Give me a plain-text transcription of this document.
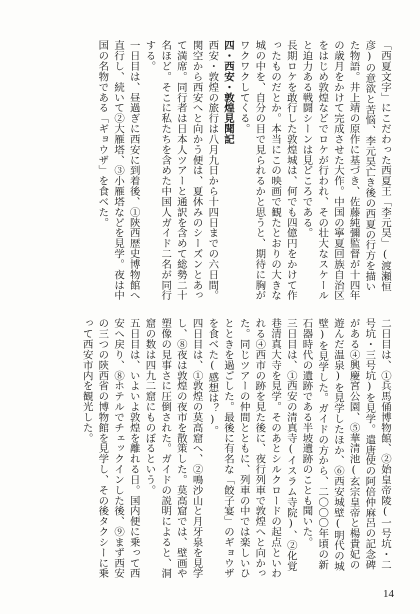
「西夏文字」にこだわった西夏王「李元昊」(渡瀬恒彦)の意欲と苦悩、李元昊亡き後の西夏の行方を描いた物語。井上靖の原作に基づき、佐藤純彌監督が十四年の歳月をかけて完成させた大作。中国の寧夏回族自治区をはじめ敦煌などでロケが行われ、その壮大なスケールと迫力ある戦闘シーンは見どころである。

長期ロケを敢行した敦煌城は、何でも四億円をかけて作ったものだとか。本当にこの映画で観たとおりの大きな城の中を、自分の目で見られるかと思うと、期待に胸がワクワクしてくる。

四・西安・敦煌見聞記

西安・敦煌の旅行は八月九日から十四日までの六日間。関空から西安へと向かう便は、夏休みのシーズンとあって満席。同行者は日本人ツアーと通訳を含めて総勢二十名ほど。そこに私たちを含めた中国人ガイド二名が同行する。

一日目は、昼過ぎに西安に到着後、①陝西歴史博物館へ直行し、続いて②大雁塔、③小雁塔などを見学。夜は中国の名物である「ギョウザ」を食べた。

二日目は、①兵馬俑博物館、②始皇帝陵(一号坑・二号坑・三号坑)を見学。遣唐使の阿倍仲麻呂の記念碑がある④興慶宮公園、⑤華清池(玄宗皇帝と楊貴妃の遊んだ温泉)を見学したほか、⑥西安城壁(明代の城壁)を見学した。ガイドの方から、二〇〇〇年頃の新石器時代の遺跡である半坡遺跡のことも聞いた。

三日目は、①西安の清真寺(イスラム寺院)、②化覚巷清真大寺を見学。そのあとシルクロードの起点といわれる④西市の跡を見た後に、夜行列車で敦煌へと向かった。同じツアーの仲間とともに、列車の中では楽しいひとときを過ごした。最後に有名な「餃子宴」のギョウザを食べた(感想は？)。

四日目は、①敦煌の莫高窟へ、②鳴沙山と月牙泉を見学し、⑧夜は敦煌の夜市を散策した。莫高窟では、壁画や塑像の見事さに圧倒された。ガイドの説明によると、洞窟の数は四九二窟にものぼるという。

五日目は、いよいよ敦煌を離れる日。国内便に乗って西安へ戻り、⑧ホテルでチェックインした後、⑨まず西安の三つの陝西省の博物館を見学し、その後タクシーに乗って西安市内を観光した。

14
